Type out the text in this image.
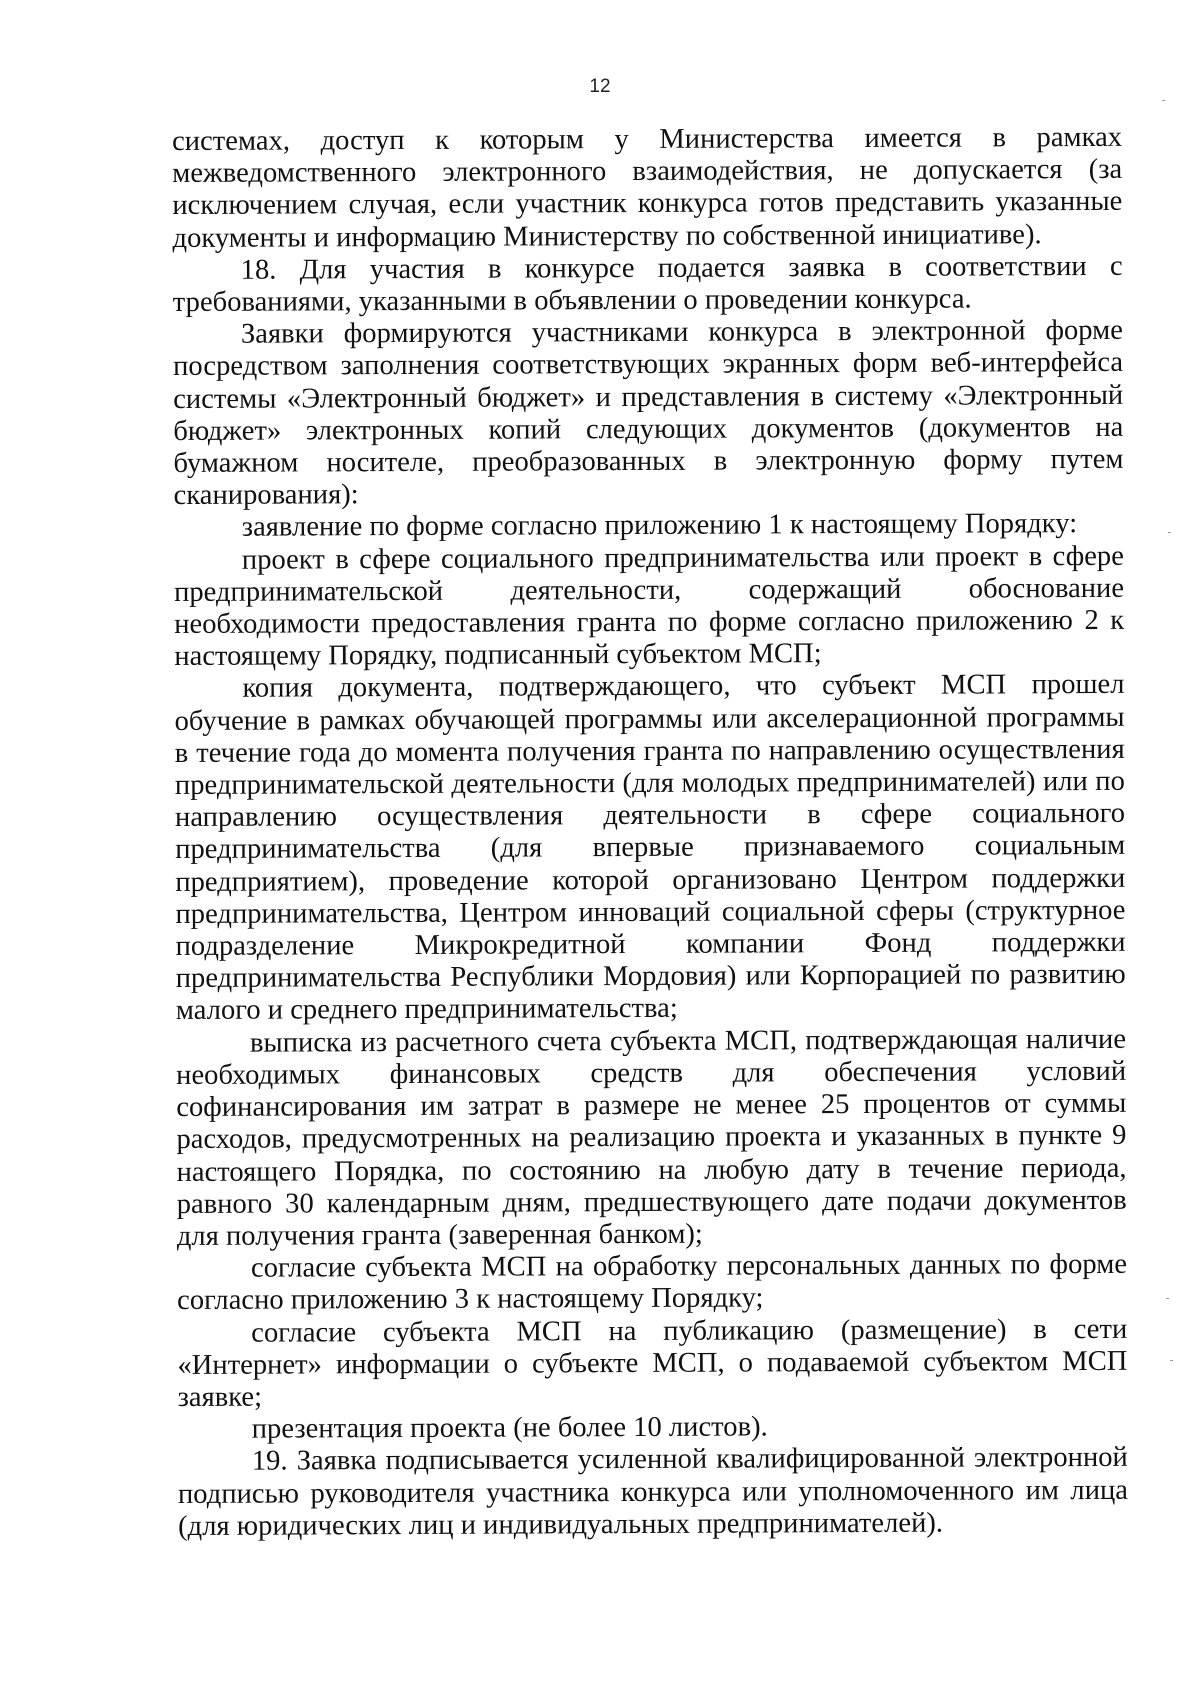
12

системах, доступ к которым у Министерства имеется в рамках межведомственного электронного взаимодействия, не допускается (за исключением случая, если участник конкурса готов представить указанные документы и информацию Министерству по собственной инициативе).

18. Для участия в конкурсе подается заявка в соответствии с требованиями, указанными в объявлении о проведении конкурса.

Заявки формируются участниками конкурса в электронной форме посредством заполнения соответствующих экранных форм веб-интерфейса системы «Электронный бюджет» и представления в систему «Электронный бюджет» электронных копий следующих документов (документов на бумажном носителе, преобразованных в электронную форму путем сканирования):

заявление по форме согласно приложению 1 к настоящему Порядку:

проект в сфере социального предпринимательства или проект в сфере предпринимательской деятельности, содержащий обоснование необходимости предоставления гранта по форме согласно приложению 2 к настоящему Порядку, подписанный субъектом МСП;

копия документа, подтверждающего, что субъект МСП прошел обучение в рамках обучающей программы или акселерационной программы в течение года до момента получения гранта по направлению осуществления предпринимательской деятельности (для молодых предпринимателей) или по направлению осуществления деятельности в сфере социального предпринимательства (для впервые признаваемого социальным предприятием), проведение которой организовано Центром поддержки предпринимательства, Центром инноваций социальной сферы (структурное подразделение Микрокредитной компании Фонд поддержки предпринимательства Республики Мордовия) или Корпорацией по развитию малого и среднего предпринимательства;

выписка из расчетного счета субъекта МСП, подтверждающая наличие необходимых финансовых средств для обеспечения условий софинансирования им затрат в размере не менее 25 процентов от суммы расходов, предусмотренных на реализацию проекта и указанных в пункте 9 настоящего Порядка, по состоянию на любую дату в течение периода, равного 30 календарным дням, предшествующего дате подачи документов для получения гранта (заверенная банком);

согласие субъекта МСП на обработку персональных данных по форме согласно приложению 3 к настоящему Порядку;

согласие субъекта МСП на публикацию (размещение) в сети «Интернет» информации о субъекте МСП, о подаваемой субъектом МСП заявке;

презентация проекта (не более 10 листов).

19. Заявка подписывается усиленной квалифицированной электронной подписью руководителя участника конкурса или уполномоченного им лица (для юридических лиц и индивидуальных предпринимателей).
